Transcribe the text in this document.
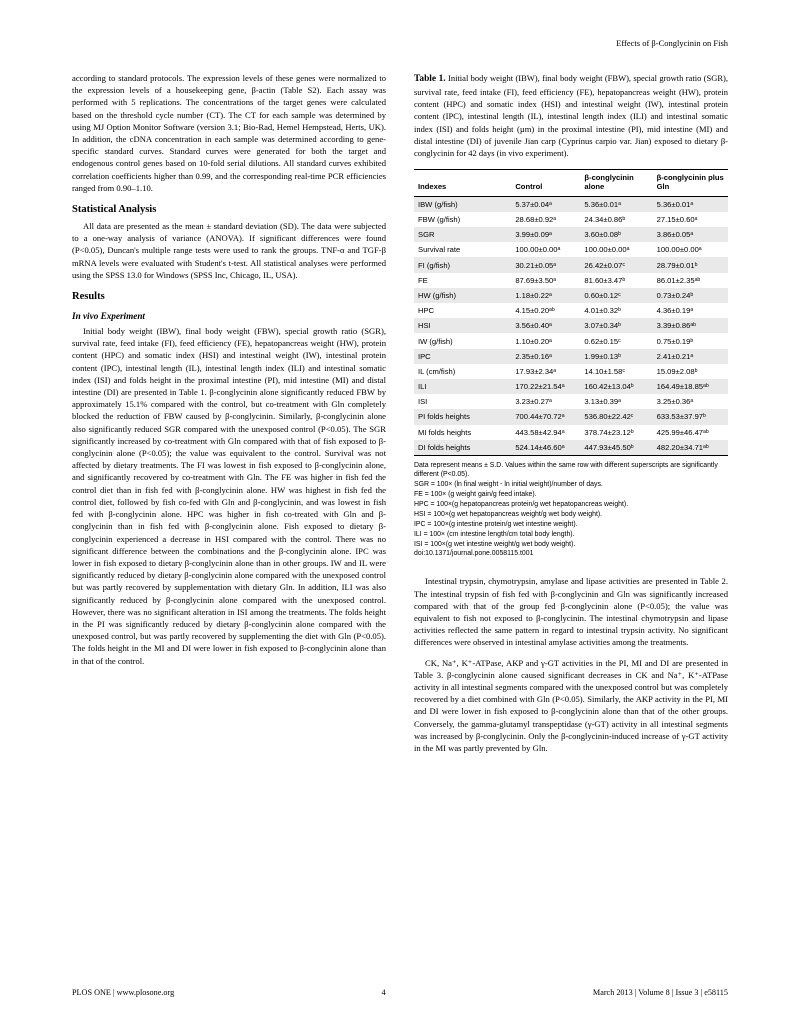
Effects of β-Conglycinin on Fish

according to standard protocols. The expression levels of these genes were normalized to the expression levels of a housekeeping gene, β-actin (Table S2). Each assay was performed with 5 replications. The concentrations of the target genes were calculated based on the threshold cycle number (CT). The CT for each sample was determined by using MJ Option Monitor Software (version 3.1; Bio-Rad, Hemel Hempstead, Herts, UK). In addition, the cDNA concentration in each sample was determined according to gene-specific standard curves. Standard curves were generated for both the target and endogenous control genes based on 10-fold serial dilutions. All standard curves exhibited correlation coefficients higher than 0.99, and the corresponding real-time PCR efficiencies ranged from 0.90–1.10.

Statistical Analysis

All data are presented as the mean ± standard deviation (SD). The data were subjected to a one-way analysis of variance (ANOVA). If significant differences were found (P<0.05), Duncan's multiple range tests were used to rank the groups. TNF-α and TGF-β mRNA levels were evaluated with Student's t-test. All statistical analyses were performed using the SPSS 13.0 for Windows (SPSS Inc, Chicago, IL, USA).

Results
In vivo Experiment

Initial body weight (IBW), final body weight (FBW), special growth ratio (SGR), survival rate, feed intake (FI), feed efficiency (FE), hepatopancreas weight (HW), protein content (HPC) and somatic index (HSI) and intestinal weight (IW), intestinal protein content (IPC), intestinal length (IL), intestinal length index (ILI) and intestinal somatic index (ISI) and folds height in the proximal intestine (PI), mid intestine (MI) and distal intestine (DI) are presented in Table 1. β-conglycinin alone significantly reduced FBW by approximately 15.1% compared with the control, but co-treatment with Gln completely blocked the reduction of FBW caused by β-conglycinin. Similarly, β-conglycinin alone also significantly reduced SGR compared with the unexposed control (P<0.05). The SGR significantly increased by co-treatment with Gln compared with that of fish exposed to β-conglycinin alone (P<0.05); the value was equivalent to the control. Survival was not affected by dietary treatments. The FI was lowest in fish exposed to β-conglycinin alone, and significantly recovered by co-treatment with Gln. The FE was higher in fish fed the control diet than in fish fed with β-conglycinin alone. HW was highest in fish fed the control diet, followed by fish co-fed with Gln and β-conglycinin, and was lowest in fish fed with β-conglycinin alone. HPC was higher in fish co-treated with Gln and β-conglycinin than in fish fed with β-conglycinin alone. Fish exposed to dietary β-conglycinin experienced a decrease in HSI compared with the control. There was no significant difference between the combinations and the β-conglycinin alone. IPC was lower in fish exposed to dietary β-conglycinin alone than in other groups. IW and IL were significantly reduced by dietary β-conglycinin alone compared with the unexposed control but was partly recovered by supplementation with dietary Gln. In addition, ILI was also significantly reduced by β-conglycinin alone compared with the unexposed control. However, there was no significant alteration in ISI among the treatments. The folds height in the PI was significantly reduced by dietary β-conglycinin alone compared with the unexposed control, but was partly recovered by supplementing the diet with Gln (P<0.05). The folds height in the MI and DI were lower in fish exposed to β-conglycinin alone than in that of the control.

Table 1. Initial body weight (IBW), final body weight (FBW), special growth ratio (SGR), survival rate, feed intake (FI), feed efficiency (FE), hepatopancreas weight (HW), protein content (HPC) and somatic index (HSI) and intestinal weight (IW), intestinal protein content (IPC), intestinal length (IL), intestinal length index (ILI) and intestinal somatic index (ISI) and folds height (µm) in the proximal intestine (PI), mid intestine (MI) and distal intestine (DI) of juvenile Jian carp (Cyprinus carpio var. Jian) exposed to dietary β-conglycinin for 42 days (in vivo experiment).

Indexes	Control	β-conglycinin alone	β-conglycinin plus Gln
IBW (g/fish)	5.37±0.04ᵃ	5.36±0.01ᵃ	5.36±0.01ᵃ
FBW (g/fish)	28.68±0.92ᵃ	24.34±0.86ᵇ	27.15±0.60ᵃ
SGR	3.99±0.09ᵃ	3.60±0.08ᵇ	3.86±0.05ᵃ
Survival rate	100.00±0.00ᵃ	100.00±0.00ᵃ	100.00±0.00ᵃ
FI (g/fish)	30.21±0.05ᵃ	26.42±0.07ᶜ	28.79±0.01ᵇ
FE	87.69±3.50ᵃ	81.60±3.47ᵇ	86.01±2.35ᵃᵇ
HW (g/fish)	1.18±0.22ᵃ	0.60±0.12ᶜ	0.73±0.24ᵇ
HPC	4.15±0.20ᵃᵇ	4.01±0.32ᵇ	4.36±0.19ᵃ
HSI	3.56±0.40ᵃ	3.07±0.34ᵇ	3.39±0.86ᵃᵇ
IW (g/fish)	1.10±0.20ᵃ	0.62±0.15ᶜ	0.75±0.19ᵇ
IPC	2.35±0.16ᵃ	1.99±0.13ᵇ	2.41±0.21ᵃ
IL (cm/fish)	17.93±2.34ᵃ	14.10±1.58ᶜ	15.09±2.08ᵇ
ILI	170.22±21.54ᵃ	160.42±13.04ᵇ	164.49±18.85ᵃᵇ
ISI	3.23±0.27ᵃ	3.13±0.39ᵃ	3.25±0.36ᵃ
PI folds heights	700.44±70.72ᵃ	536.80±22.42ᶜ	633.53±37.97ᵇ
MI folds heights	443.58±42.94ᵃ	378.74±23.12ᵇ	425.99±46.47ᵃᵇ
DI folds heights	524.14±46.60ᵃ	447.93±45.50ᵇ	482.20±34.71ᵃᵇ
Data represent means ± S.D. Values within the same row with different superscripts are significantly different (P<0.05).
SGR = 100× (ln final weight - ln initial weight)/number of days.
FE = 100× (g weight gain/g feed intake).
HPC = 100×(g hepatopancreas protein/g wet hepatopancreas weight).
HSI = 100×(g wet hepatopancreas weight/g wet body weight).
IPC = 100×(g intestine protein/g wet intestine weight).
ILI = 100× (cm intestine length/cm total body length).
ISI = 100×(g wet intestine weight/g wet body weight).
doi:10.1371/journal.pone.0058115.t001

Intestinal trypsin, chymotrypsin, amylase and lipase activities are presented in Table 2. The intestinal trypsin of fish fed with β-conglycinin and Gln was significantly increased compared with that of the group fed β-conglycinin alone (P<0.05); the value was equivalent to fish not exposed to β-conglycinin. The intestinal chymotrypsin and lipase activities reflected the same pattern in regard to intestinal trypsin activity. No significant differences were observed in intestinal amylase activities among the treatments.

CK, Na⁺, K⁺-ATPase, AKP and γ-GT activities in the PI, MI and DI are presented in Table 3. β-conglycinin alone caused significant decreases in CK and Na⁺, K⁺-ATPase activity in all intestinal segments compared with the unexposed control but was completely recovered by a diet combined with Gln (P<0.05). Similarly, the AKP activity in the PI, MI and DI were lower in fish exposed to β-conglycinin alone than that of the other groups. Conversely, the gamma-glutamyl transpeptidase (γ-GT) activity in all intestinal segments was increased by β-conglycinin. Only the β-conglycinin-induced increase of γ-GT activity in the MI was partly prevented by Gln.

PLOS ONE | www.plosone.org	4	March 2013 | Volume 8 | Issue 3 | e58115
